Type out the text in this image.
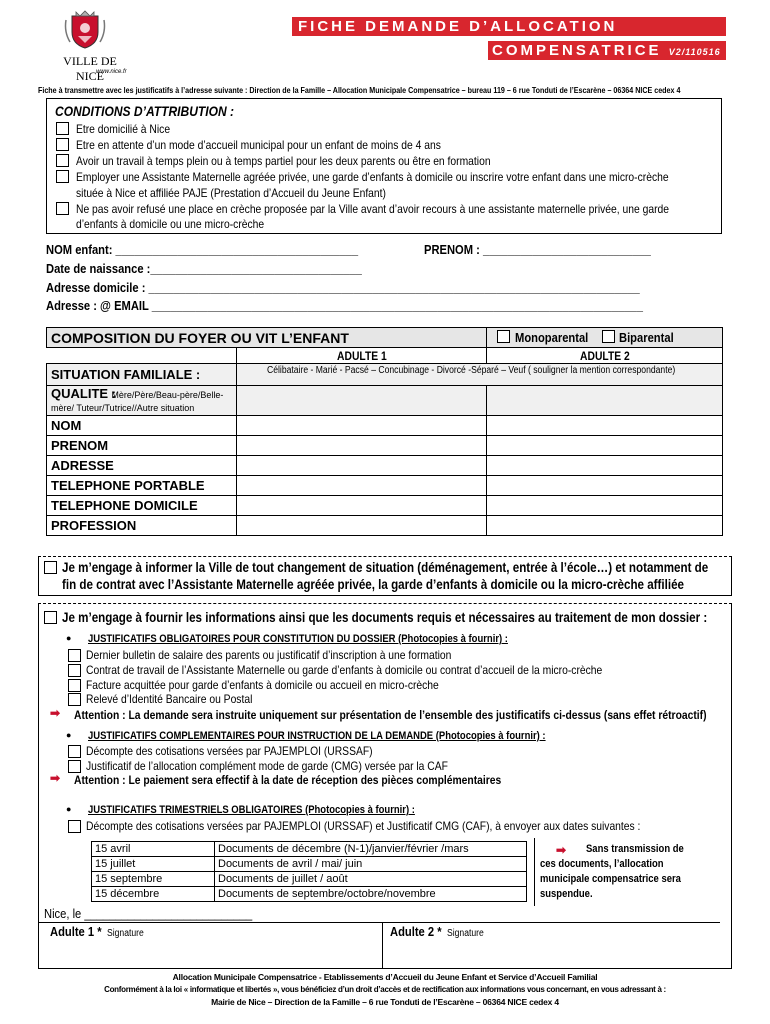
VILLE DE NICE
www.nice.fr
FICHE DEMANDE D’ALLOCATION MUNICIPALE	COMPENSATRICE V2/110516
Fiche à transmettre avec les justificatifs à l’adresse suivante : Direction de la Famille – Allocation Municipale Compensatrice – bureau 119 – 6 rue Tonduti de l’Escarène – 06364 NICE cedex 4
CONDITIONS D’ATTRIBUTION :
Etre domicilié à Nice
Etre en attente d’un mode d’accueil municipal pour un enfant de moins de 4 ans
Avoir un travail à temps plein ou à temps partiel pour les deux parents ou être en formation
Employer une Assistante Maternelle agréée privée, une garde d’enfants à domicile ou inscrire votre enfant dans une micro-crèche
située à Nice et affiliée PAJE (Prestation d’Accueil du Jeune Enfant)
Ne pas avoir refusé une place en crèche proposée par la Ville avant d’avoir recours à une assistante maternelle privée, une garde
d’enfants à domicile ou une micro-crèche
NOM enfant: _______________________________________	PRENOM : ___________________________
Date de naissance :__________________________________
Adresse domicile : _______________________________________________________________________________
Adresse : @ EMAIL _______________________________________________________________________________
COMPOSITION DU FOYER OU VIT L’ENFANT		Monoparental Biparental

	ADULTE 1	ADULTE 2
SITUATION FAMILIALE :	Célibataire - Marié - Pacsé – Concubinage - Divorcé -Séparé – Veuf ( souligner la mention correspondante)	

QUALITE : Mère/Père/Beau-père/Belle-
mère/ Tuteur/Tutrice//Autre situation		
NOM		
PRENOM		
ADRESSE		
TELEPHONE PORTABLE		
TELEPHONE DOMICILE		
PROFESSION		
Je m’engage à informer la Ville de tout changement de situation (déménagement, entrée à l’école…) et notamment de
fin de contrat avec l’Assistante Maternelle agréée privée, la garde d’enfants à domicile ou la micro-crèche affiliée
Je m’engage à fournir les informations ainsi que les documents requis et nécessaires au traitement de mon dossier :
● JUSTIFICATIFS OBLIGATOIRES POUR CONSTITUTION DU DOSSIER (Photocopies à fournir) :
Dernier bulletin de salaire des parents ou justificatif d’inscription à une formation
Contrat de travail de l’Assistante Maternelle ou garde d’enfants à domicile ou contrat d’accueil de la micro-crèche
Facture acquittée pour garde d’enfants à domicile ou accueil en micro-crèche
Relevé d’Identité Bancaire ou Postal
➡ Attention : La demande sera instruite uniquement sur présentation de l’ensemble des justificatifs ci-dessus (sans effet rétroactif)
● JUSTIFICATIFS COMPLEMENTAIRES POUR INSTRUCTION DE LA DEMANDE (Photocopies à fournir) :
Décompte des cotisations versées par PAJEMPLOI (URSSAF)
Justificatif de l’allocation complément mode de garde (CMG) versée par la CAF
➡ Attention : Le paiement sera effectif à la date de réception des pièces complémentaires
● JUSTIFICATIFS TRIMESTRIELS OBLIGATOIRES (Photocopies à fournir) :
Décompte des cotisations versées par PAJEMPLOI (URSSAF) et Justificatif CMG (CAF), à envoyer aux dates suivantes :
15 avril	Documents de décembre (N-1)/janvier/février /mars
15 juillet	Documents de avril / mai/ juin
15 septembre	Documents de juillet / août
15 décembre	Documents de septembre/octobre/novembre
➡ Sans transmission de
ces documents, l’allocation
municipale compensatrice sera
suspendue.
Nice, le ___________________________
Adulte 1 * Signature	Adulte 2 * Signature
Allocation Municipale Compensatrice - Etablissements d’Accueil du Jeune Enfant et Service d’Accueil Familial
Conformément à la loi « informatique et libertés », vous bénéficiez d’un droit d’accès et de rectification aux informations vous concernant, en vous adressant à :
Mairie de Nice – Direction de la Famille – 6 rue Tonduti de l’Escarène – 06364 NICE cedex 4
